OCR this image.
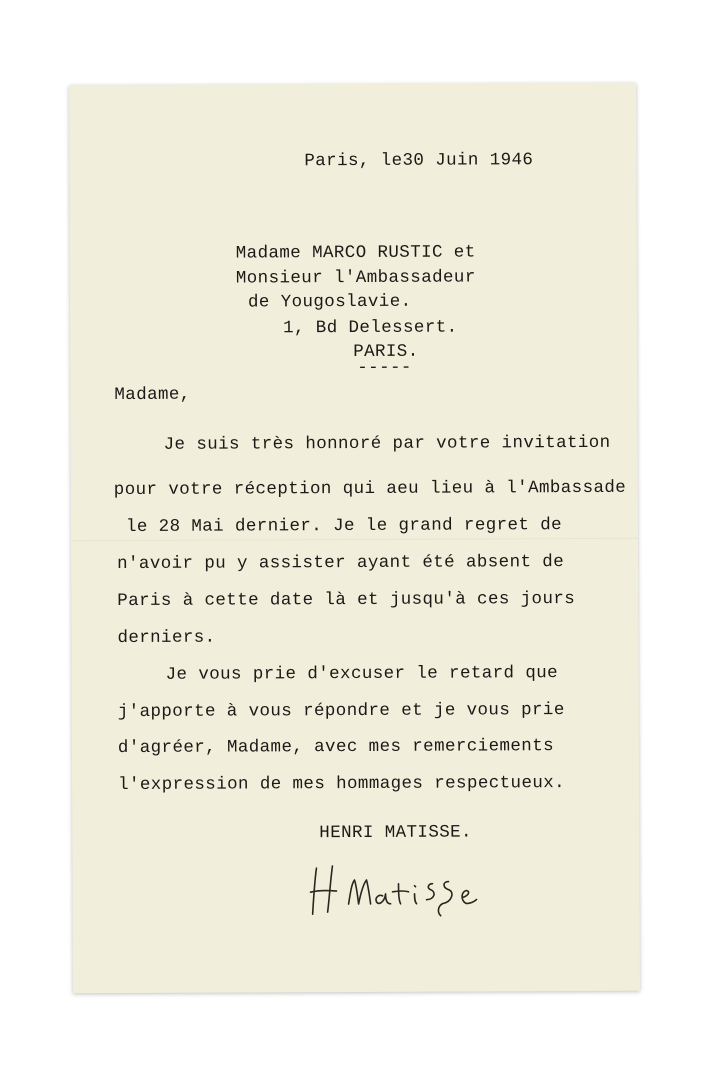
Paris, le30 Juin 1946

Madame MARCO RUSTIC et

Monsieur l'Ambassadeur

de Yougoslavie.

1, Bd Delessert.

PARIS.

-----

Madame,

Je suis très honnoré par votre invitation

pour votre réception qui aeu lieu à l'Ambassade

le 28 Mai dernier. Je le grand regret de

n'avoir pu y assister ayant été absent de

Paris à cette date là et jusqu'à ces jours

derniers.

Je vous prie d'excuser le retard que

j'apporte à vous répondre et je vous prie

d'agréer, Madame, avec mes remerciements

l'expression de mes hommages respectueux.

HENRI MATISSE.
